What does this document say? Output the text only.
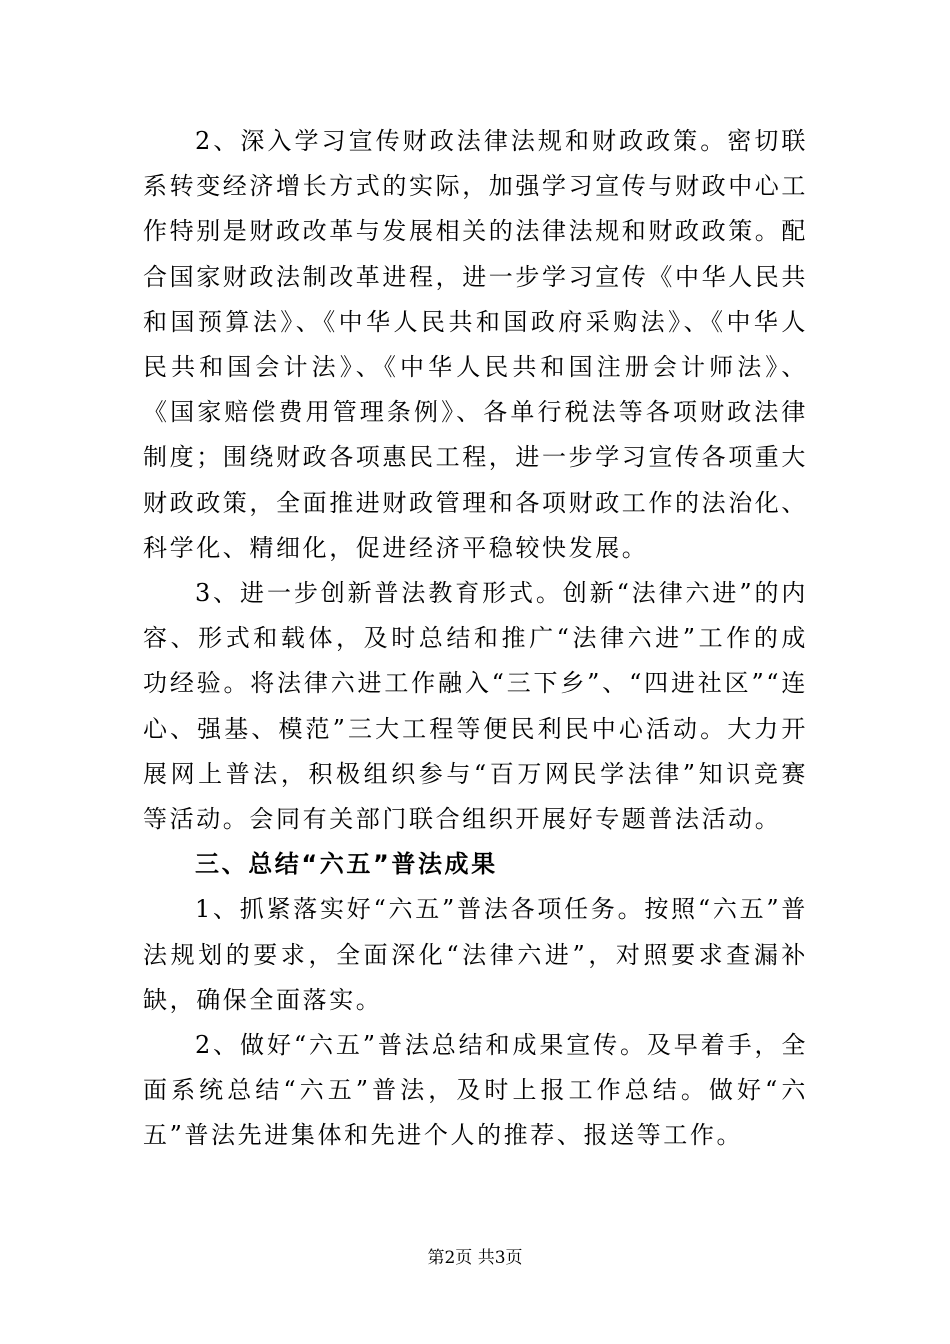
2、深入学习宣传财政法律法规和财政政策。密切联系转变经济增长方式的实际，加强学习宣传与财政中心工作特别是财政改革与发展相关的法律法规和财政政策。配合国家财政法制改革进程，进一步学习宣传《中华人民共和国预算法》、《中华人民共和国政府采购法》、《中华人民共和国会计法》、《中华人民共和国注册会计师法》、《国家赔偿费用管理条例》、各单行税法等各项财政法律制度；围绕财政各项惠民工程，进一步学习宣传各项重大财政政策，全面推进财政管理和各项财政工作的法治化、科学化、精细化，促进经济平稳较快发展。

3、进一步创新普法教育形式。创新“法律六进”的内容、形式和载体，及时总结和推广“法律六进”工作的成功经验。将法律六进工作融入“三下乡”、“四进社区”“连心、强基、模范”三大工程等便民利民中心活动。大力开展网上普法，积极组织参与“百万网民学法律”知识竞赛等活动。会同有关部门联合组织开展好专题普法活动。

三、总结“六五”普法成果

1、抓紧落实好“六五”普法各项任务。按照“六五”普法规划的要求，全面深化“法律六进”，对照要求查漏补缺，确保全面落实。

2、做好“六五”普法总结和成果宣传。及早着手，全面系统总结“六五”普法，及时上报工作总结。做好“六五”普法先进集体和先进个人的推荐、报送等工作。

第2页 共3页
